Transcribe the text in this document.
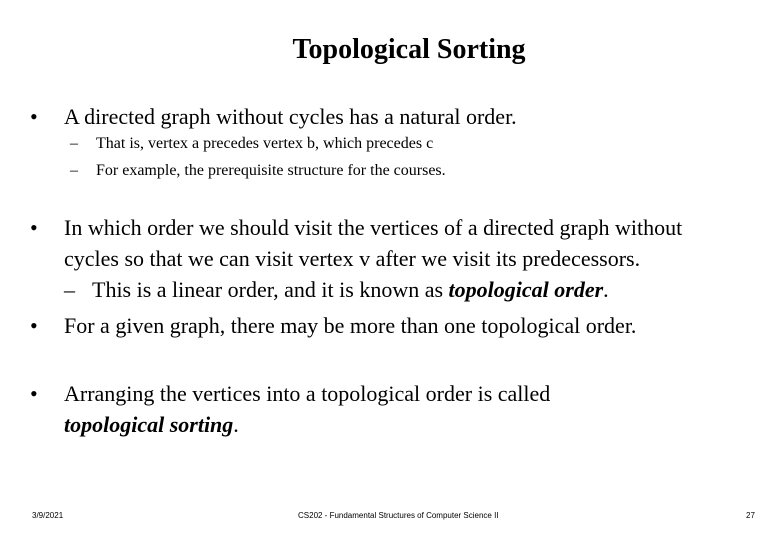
Topological Sorting
•	A directed graph without cycles has a natural order.
– That is, vertex a precedes vertex b, which precedes c
– For example, the prerequisite structure for the courses.
•	In which order we should visit the vertices of a directed graph without
cycles so that we can visit vertex v after we visit its predecessors.
– This is a linear order, and it is known as topological order.
•	For a given graph, there may be more than one topological order.
•	Arranging the vertices into a topological order is called
topological sorting.
3/9/2021	CS202 - Fundamental Structures of Computer Science II	27
